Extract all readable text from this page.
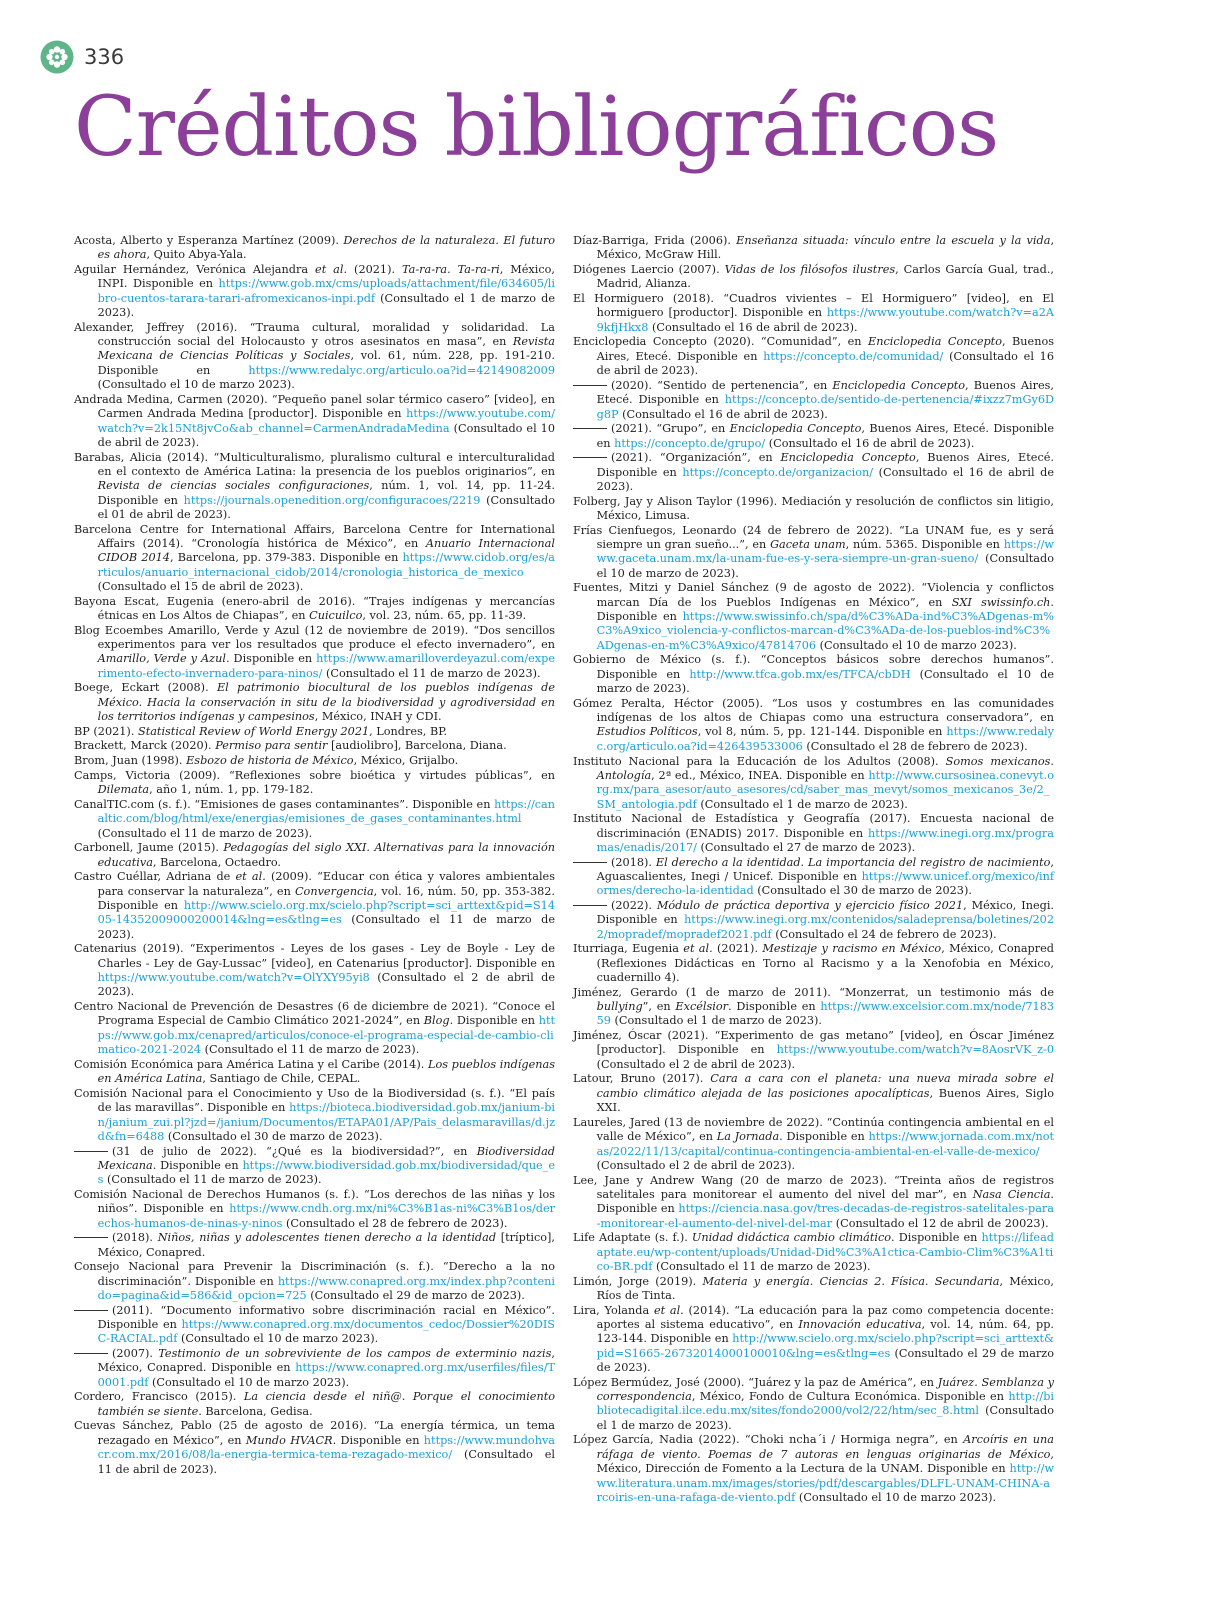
336
Créditos bibliográficos

Acosta, Alberto y Esperanza Martínez (2009). Derechos de la naturaleza. El futuro es ahora, Quito Abya-Yala.

Aguilar Hernández, Verónica Alejandra et al. (2021). Ta-ra-ra. Ta-ra-ri, México, INPI. Disponible en https://www.gob.mx/cms/uploads/attachment/file/634605/libro-cuentos-tarara-tarari-afromexicanos-inpi.pdf (Consultado el 1 de marzo de 2023).

Alexander, Jeffrey (2016). “Trauma cultural, moralidad y solidaridad. La construcción social del Holocausto y otros asesinatos en masa”, en Revista Mexicana de Ciencias Políticas y Sociales, vol. 61, núm. 228, pp. 191-210. Disponible en https://www.redalyc.org/articulo.oa?id=42149082009 (Consultado el 10 de marzo 2023).

Andrada Medina, Carmen (2020). “Pequeño panel solar térmico casero” [video], en Carmen Andrada Medina [productor]. Disponible en https://www.youtube.com/watch?v=2k15Nt8jvCo&ab_channel=CarmenAndradaMedina (Consultado el 10 de abril de 2023).

Barabas, Alicia (2014). “Multiculturalismo, pluralismo cultural e interculturalidad en el contexto de América Latina: la presencia de los pueblos originarios”, en Revista de ciencias sociales configuraciones, núm. 1, vol. 14, pp. 11-24. Disponible en https://journals.openedition.org/configuracoes/2219 (Consultado el 01 de abril de 2023).

Barcelona Centre for International Affairs, Barcelona Centre for International Affairs (2014). “Cronología histórica de México”, en Anuario Internacional CIDOB 2014, Barcelona, pp. 379-383. Disponible en https://www.cidob.org/es/articulos/anuario_internacional_cidob/2014/cronologia_historica_de_mexico (Consultado el 15 de abril de 2023).

Bayona Escat, Eugenia (enero-abril de 2016). “Trajes indígenas y mercancías étnicas en Los Altos de Chiapas”, en Cuicuilco, vol. 23, núm. 65, pp. 11-39.

Blog Ecoembes Amarillo, Verde y Azul (12 de noviembre de 2019). “Dos sencillos experimentos para ver los resultados que produce el efecto invernadero”, en Amarillo, Verde y Azul. Disponible en https://www.amarilloverdeyazul.com/experimento-efecto-invernadero-para-ninos/ (Consultado el 11 de marzo de 2023).

Boege, Eckart (2008). El patrimonio biocultural de los pueblos indígenas de México. Hacia la conservación in situ de la biodiversidad y agrodiversidad en los territorios indígenas y campesinos, México, INAH y CDI.

BP (2021). Statistical Review of World Energy 2021, Londres, BP.

Brackett, Marck (2020). Permiso para sentir [audiolibro], Barcelona, Diana.

Brom, Juan (1998). Esbozo de historia de México, México, Grijalbo.

Camps, Victoria (2009). “Reflexiones sobre bioética y virtudes públicas”, en Dilemata, año 1, núm. 1, pp. 179-182.

CanalTIC.com (s. f.). “Emisiones de gases contaminantes”. Disponible en https://canaltic.com/blog/html/exe/energias/emisiones_de_gases_contaminantes.html (Consultado el 11 de marzo de 2023).

Carbonell, Jaume (2015). Pedagogías del siglo XXI. Alternativas para la innovación educativa, Barcelona, Octaedro.

Castro Cuéllar, Adriana de et al. (2009). “Educar con ética y valores ambientales para conservar la naturaleza”, en Convergencia, vol. 16, núm. 50, pp. 353-382. Disponible en http://www.scielo.org.mx/scielo.php?script=sci_arttext&pid=S1405-14352009000200014&lng=es&tlng=es (Consultado el 11 de marzo de 2023).

Catenarius (2019). “Experimentos - Leyes de los gases - Ley de Boyle - Ley de Charles - Ley de Gay-Lussac” [video], en Catenarius [productor]. Disponible en https://www.youtube.com/watch?v=OlYXY95yi8 (Consultado el 2 de abril de 2023).

Centro Nacional de Prevención de Desastres (6 de diciembre de 2021). “Conoce el Programa Especial de Cambio Climático 2021-2024”, en Blog. Disponible en https://www.gob.mx/cenapred/articulos/conoce-el-programa-especial-de-cambio-climatico-2021-2024 (Consultado el 11 de marzo de 2023).

Comisión Económica para América Latina y el Caribe (2014). Los pueblos indígenas en América Latina, Santiago de Chile, CEPAL.

Comisión Nacional para el Conocimiento y Uso de la Biodiversidad (s. f.). “El país de las maravillas”. Disponible en https://bioteca.biodiversidad.gob.mx/janium-bin/janium_zui.pl?jzd=/janium/Documentos/ETAPA01/AP/Pais_delasmaravillas/d.jzd&fn=6488 (Consultado el 30 de marzo de 2023).

(31 de julio de 2022). “¿Qué es la biodiversidad?”, en Biodiversidad Mexicana. Disponible en https://www.biodiversidad.gob.mx/biodiversidad/que_es (Consultado el 11 de marzo de 2023).

Comisión Nacional de Derechos Humanos (s. f.). “Los derechos de las niñas y los niños”. Disponible en https://www.cndh.org.mx/ni%C3%B1as-ni%C3%B1os/derechos-humanos-de-ninas-y-ninos (Consultado el 28 de febrero de 2023).

(2018). Niños, niñas y adolescentes tienen derecho a la identidad [tríptico], México, Conapred.

Consejo Nacional para Prevenir la Discriminación (s. f.). “Derecho a la no discriminación”. Disponible en https://www.conapred.org.mx/index.php?contenido=pagina&id=586&id_opcion=725 (Consultado el 29 de marzo de 2023).

(2011). “Documento informativo sobre discriminación racial en México”. Disponible en https://www.conapred.org.mx/documentos_cedoc/Dossier%20DISC-RACIAL.pdf (Consultado el 10 de marzo 2023).

(2007). Testimonio de un sobreviviente de los campos de exterminio nazis, México, Conapred. Disponible en https://www.conapred.org.mx/userfiles/files/T0001.pdf (Consultado el 10 de marzo 2023).

Cordero, Francisco (2015). La ciencia desde el niñ@. Porque el conocimiento también se siente. Barcelona, Gedisa.

Cuevas Sánchez, Pablo (25 de agosto de 2016). “La energía térmica, un tema rezagado en México”, en Mundo HVACR. Disponible en https://www.mundohvacr.com.mx/2016/08/la-energia-termica-tema-rezagado-mexico/ (Consultado el 11 de abril de 2023).

Díaz-Barriga, Frida (2006). Enseñanza situada: vínculo entre la escuela y la vida, México, McGraw Hill.

Diógenes Laercio (2007). Vidas de los filósofos ilustres, Carlos García Gual, trad., Madrid, Alianza.

El Hormiguero (2018). “Cuadros vivientes – El Hormiguero” [video], en El hormiguero [productor]. Disponible en https://www.youtube.com/watch?v=a2A9kfjHkx8 (Consultado el 16 de abril de 2023).

Enciclopedia Concepto (2020). “Comunidad”, en Enciclopedia Concepto, Buenos Aires, Etecé. Disponible en https://concepto.de/comunidad/ (Consultado el 16 de abril de 2023).

(2020). “Sentido de pertenencia”, en Enciclopedia Concepto, Buenos Aires, Etecé. Disponible en https://concepto.de/sentido-de-pertenencia/#ixzz7mGy6Dg8P (Consultado el 16 de abril de 2023).

(2021). “Grupo”, en Enciclopedia Concepto, Buenos Aires, Etecé. Disponible en https://concepto.de/grupo/ (Consultado el 16 de abril de 2023).

(2021). “Organización”, en Enciclopedia Concepto, Buenos Aires, Etecé. Disponible en https://concepto.de/organizacion/ (Consultado el 16 de abril de 2023).

Folberg, Jay y Alison Taylor (1996). Mediación y resolución de conflictos sin litigio, México, Limusa.

Frías Cienfuegos, Leonardo (24 de febrero de 2022). “La UNAM fue, es y será siempre un gran sueño...”, en Gaceta unam, núm. 5365. Disponible en https://www.gaceta.unam.mx/la-unam-fue-es-y-sera-siempre-un-gran-sueno/ (Consultado el 10 de marzo de 2023).

Fuentes, Mitzi y Daniel Sánchez (9 de agosto de 2022). “Violencia y conflictos marcan Día de los Pueblos Indígenas en México”, en SXI swissinfo.ch. Disponible en https://www.swissinfo.ch/spa/d%C3%ADa-ind%C3%ADgenas-m%C3%A9xico_violencia-y-conflictos-marcan-d%C3%ADa-de-los-pueblos-ind%C3%ADgenas-en-m%C3%A9xico/47814706 (Consultado el 10 de marzo 2023).

Gobierno de México (s. f.). “Conceptos básicos sobre derechos humanos”. Disponible en http://www.tfca.gob.mx/es/TFCA/cbDH (Consultado el 10 de marzo de 2023).

Gómez Peralta, Héctor (2005). “Los usos y costumbres en las comunidades indígenas de los altos de Chiapas como una estructura conservadora”, en Estudios Políticos, vol 8, núm. 5, pp. 121-144. Disponible en https://www.redalyc.org/articulo.oa?id=426439533006 (Consultado el 28 de febrero de 2023).

Instituto Nacional para la Educación de los Adultos (2008). Somos mexicanos. Antología, 2ª ed., México, INEA. Disponible en http://www.cursosinea.conevyt.org.mx/para_asesor/auto_asesores/cd/saber_mas_mevyt/somos_mexicanos_3e/2_SM_antologia.pdf (Consultado el 1 de marzo de 2023).

Instituto Nacional de Estadística y Geografía (2017). Encuesta nacional de discriminación (ENADIS) 2017. Disponible en https://www.inegi.org.mx/programas/enadis/2017/ (Consultado el 27 de marzo de 2023).

(2018). El derecho a la identidad. La importancia del registro de nacimiento, Aguascalientes, Inegi / Unicef. Disponible en https://www.unicef.org/mexico/informes/derecho-la-identidad (Consultado el 30 de marzo de 2023).

(2022). Módulo de práctica deportiva y ejercicio físico 2021, México, Inegi. Disponible en https://www.inegi.org.mx/contenidos/saladeprensa/boletines/2022/mopradef/mopradef2021.pdf (Consultado el 24 de febrero de 2023).

Iturriaga, Eugenia et al. (2021). Mestizaje y racismo en México, México, Conapred (Reflexiones Didácticas en Torno al Racismo y a la Xenofobia en México, cuadernillo 4).

Jiménez, Gerardo (1 de marzo de 2011). “Monzerrat, un testimonio más de bullying”, en Excélsior. Disponible en https://www.excelsior.com.mx/node/718359 (Consultado el 1 de marzo de 2023).

Jiménez, Óscar (2021). “Experimento de gas metano” [video], en Óscar Jiménez [productor]. Disponible en https://www.youtube.com/watch?v=8AosrVK_z-0 (Consultado el 2 de abril de 2023).

Latour, Bruno (2017). Cara a cara con el planeta: una nueva mirada sobre el cambio climático alejada de las posiciones apocalípticas, Buenos Aires, Siglo XXI.

Laureles, Jared (13 de noviembre de 2022). “Continúa contingencia ambiental en el valle de México”, en La Jornada. Disponible en https://www.jornada.com.mx/notas/2022/11/13/capital/continua-contingencia-ambiental-en-el-valle-de-mexico/ (Consultado el 2 de abril de 2023).

Lee, Jane y Andrew Wang (20 de marzo de 2023). “Treinta años de registros satelitales para monitorear el aumento del nivel del mar”, en Nasa Ciencia. Disponible en https://ciencia.nasa.gov/tres-decadas-de-registros-satelitales-para-monitorear-el-aumento-del-nivel-del-mar (Consultado el 12 de abril de 20023).

Life Adaptate (s. f.). Unidad didáctica cambio climático. Disponible en https://lifeadaptate.eu/wp-content/uploads/Unidad-Did%C3%A1ctica-Cambio-Clim%C3%A1tico-BR.pdf (Consultado el 11 de marzo de 2023).

Limón, Jorge (2019). Materia y energía. Ciencias 2. Física. Secundaria, México, Ríos de Tinta.

Lira, Yolanda et al. (2014). “La educación para la paz como competencia docente: aportes al sistema educativo”, en Innovación educativa, vol. 14, núm. 64, pp. 123-144. Disponible en http://www.scielo.org.mx/scielo.php?script=sci_arttext&pid=S1665-26732014000100010&lng=es&tlng=es (Consultado el 29 de marzo de 2023).

López Bermúdez, José (2000). “Juárez y la paz de América”, en Juárez. Semblanza y correspondencia, México, Fondo de Cultura Económica. Disponible en http://bibliotecadigital.ilce.edu.mx/sites/fondo2000/vol2/22/htm/sec_8.html (Consultado el 1 de marzo de 2023).

López García, Nadia (2022). “Choki ncha´i / Hormiga negra”, en Arcoíris en una ráfaga de viento. Poemas de 7 autoras en lenguas originarias de México, México, Dirección de Fomento a la Lectura de la UNAM. Disponible en http://www.literatura.unam.mx/images/stories/pdf/descargables/DLFL-UNAM-CHINA-arcoiris-en-una-rafaga-de-viento.pdf (Consultado el 10 de marzo 2023).
